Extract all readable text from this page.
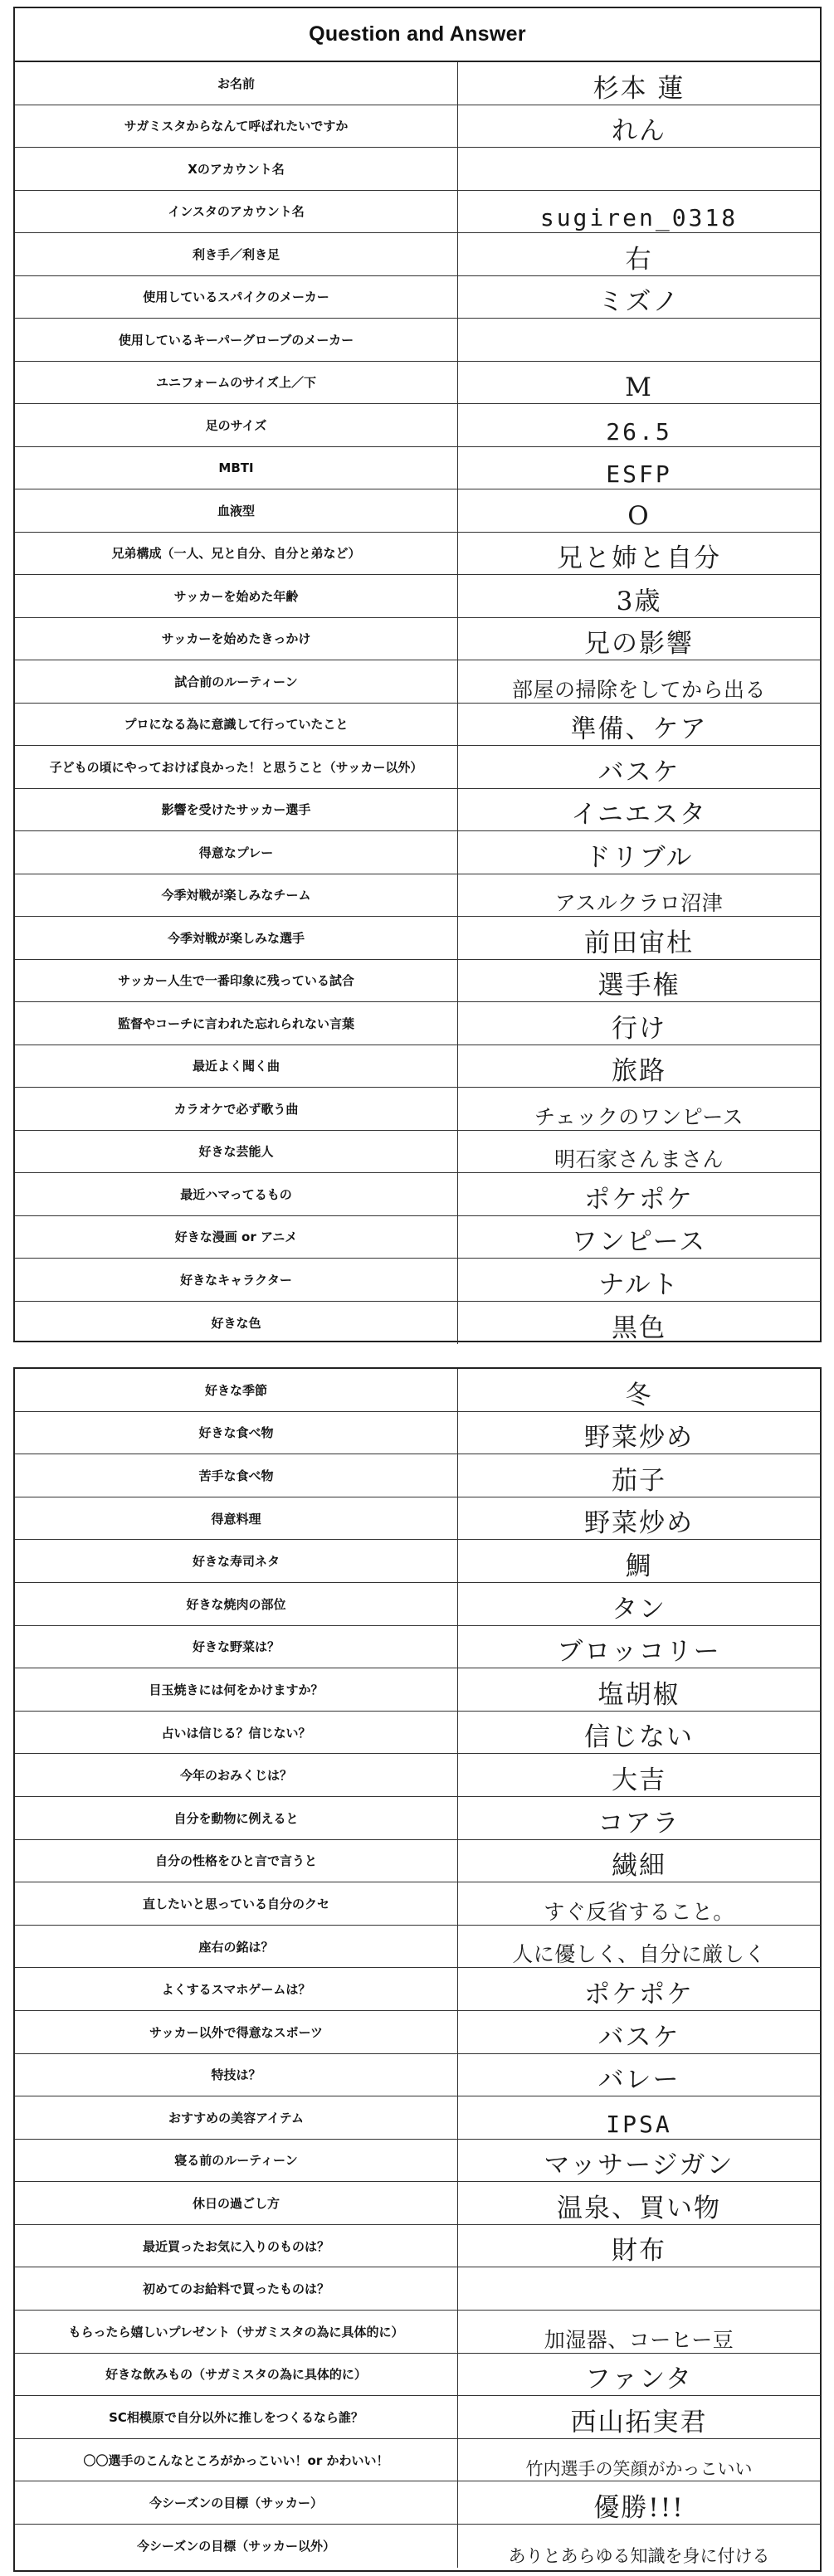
Question and Answer
お名前	杉本 蓮
サガミスタからなんて呼ばれたいですか	れん
Xのアカウント名
インスタのアカウント名	sugiren_0318
利き手／利き足	右
使用しているスパイクのメーカー	ミズノ
使用しているキーパーグローブのメーカー
ユニフォームのサイズ上／下	M
足のサイズ	26.5
MBTI	ESFP
血液型	O
兄弟構成（一人、兄と自分、自分と弟など）	兄と姉と自分
サッカーを始めた年齢	3歳
サッカーを始めたきっかけ	兄の影響
試合前のルーティーン	部屋の掃除をしてから出る
プロになる為に意識して行っていたこと	準備、ケア
子どもの頃にやっておけば良かった！と思うこと（サッカー以外）	バスケ
影響を受けたサッカー選手	イニエスタ
得意なプレー	ドリブル
今季対戦が楽しみなチーム	アスルクラロ沼津
今季対戦が楽しみな選手	前田宙杜
サッカー人生で一番印象に残っている試合	選手権
監督やコーチに言われた忘れられない言葉	行け
最近よく聞く曲	旅路
カラオケで必ず歌う曲	チェックのワンピース
好きな芸能人	明石家さんまさん
最近ハマってるもの	ポケポケ
好きな漫画 or アニメ	ワンピース
好きなキャラクター	ナルト
好きな色	黒色
好きな季節	冬
好きな食べ物	野菜炒め
苦手な食べ物	茄子
得意料理	野菜炒め
好きな寿司ネタ	鯛
好きな焼肉の部位	タン
好きな野菜は？	ブロッコリー
目玉焼きには何をかけますか？	塩胡椒
占いは信じる？信じない？	信じない
今年のおみくじは？	大吉
自分を動物に例えると	コアラ
自分の性格をひと言で言うと	繊細
直したいと思っている自分のクセ	すぐ反省すること。
座右の銘は？	人に優しく、自分に厳しく
よくするスマホゲームは？	ポケポケ
サッカー以外で得意なスポーツ	バスケ
特技は？	バレー
おすすめの美容アイテム	IPSA
寝る前のルーティーン	マッサージガン
休日の過ごし方	温泉、買い物
最近買ったお気に入りのものは？	財布
初めてのお給料で買ったものは？
もらったら嬉しいプレゼント（サガミスタの為に具体的に）	加湿器、コーヒー豆
好きな飲みもの（サガミスタの為に具体的に）	ファンタ
SC相模原で自分以外に推しをつくるなら誰？	西山拓実君
〇〇選手のこんなところがかっこいい！or かわいい！	竹内選手の笑顔がかっこいい
今シーズンの目標（サッカー）	優勝!!!
今シーズンの目標（サッカー以外）	ありとあらゆる知識を身に付ける
